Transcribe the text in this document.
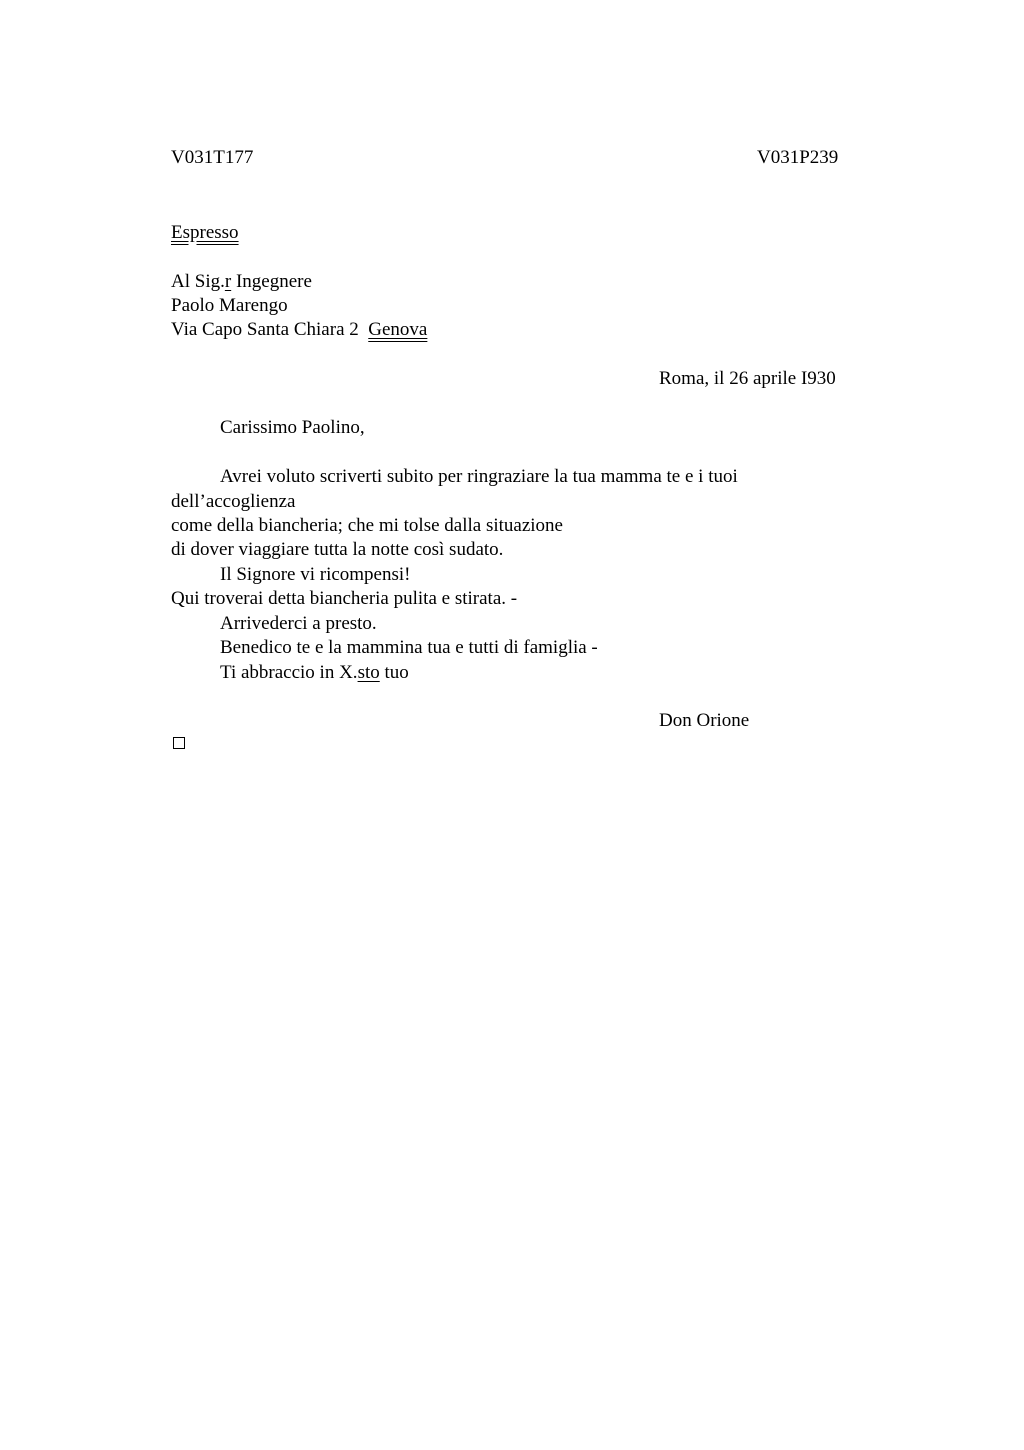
V031T177	V031P239
Espresso
Al Sig.r Ingegnere
Paolo Marengo
Via Capo Santa Chiara 2  Genova
Roma, il 26 aprile I930
Carissimo Paolino,
Avrei voluto scriverti subito per ringraziare la tua mamma te e i tuoi
dell’accoglienza
come della biancheria; che mi tolse dalla situazione
di dover viaggiare tutta la notte così sudato.
Il Signore vi ricompensi!
Qui troverai detta biancheria pulita e stirata. -
Arrivederci a presto.
Benedico te e la mammina tua e tutti di famiglia -
Ti abbraccio in X.sto tuo
Don Orione
